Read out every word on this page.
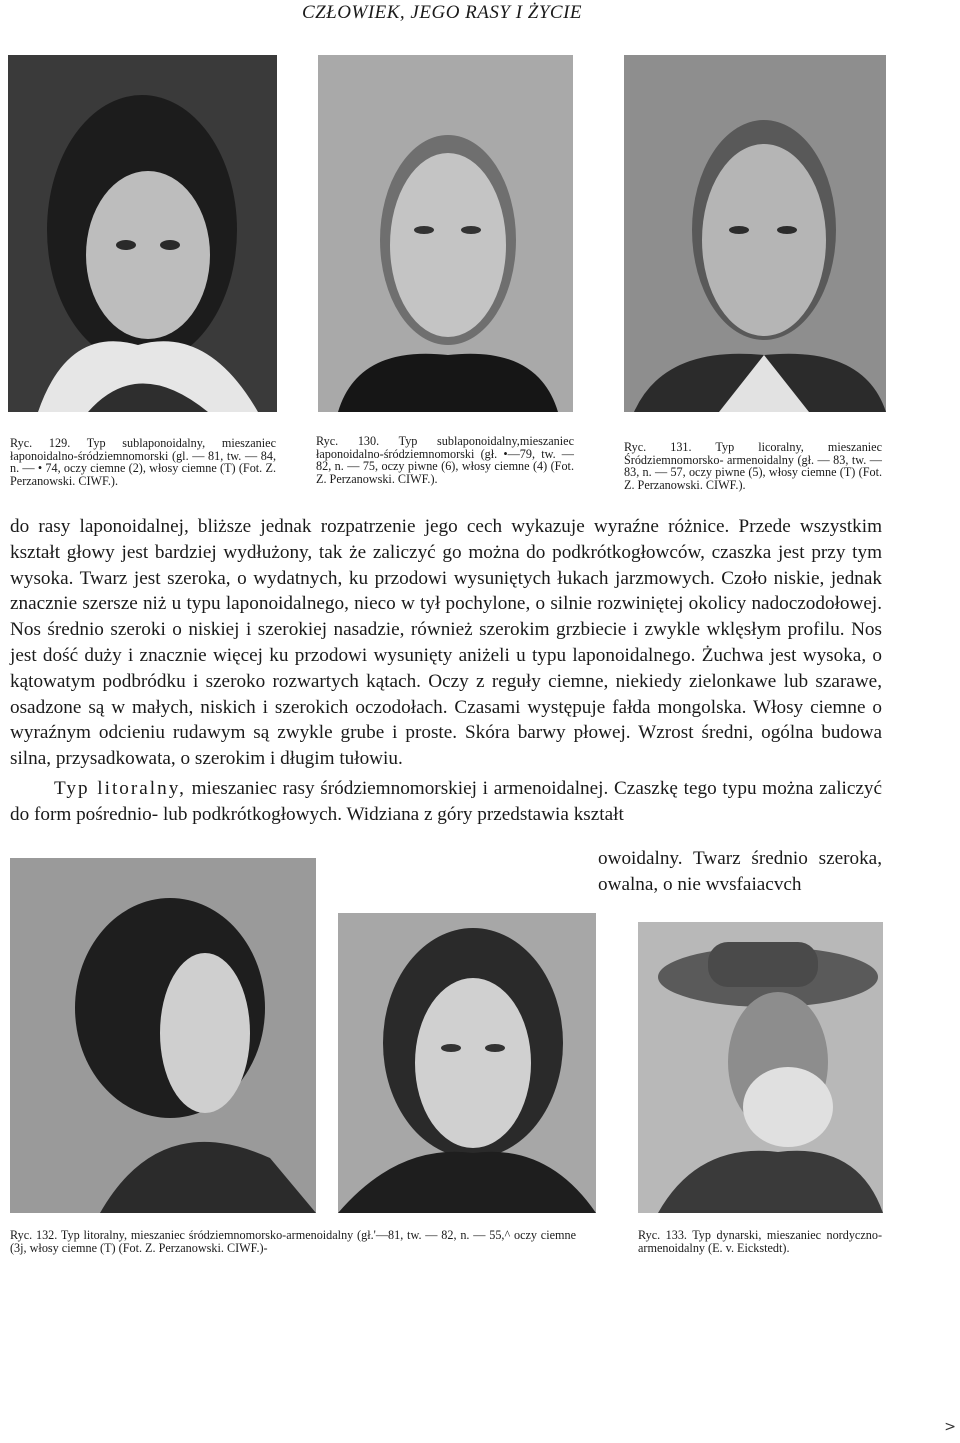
CZŁOWIEK, JEGO RASY I ŻYCIE
Ryc. 129. Typ sublaponoidalny, mieszaniec łaponoidalno-śródziemnomorski (gl. — 81, tw. — 84, n. — • 74, oczy ciemne (2), włosy ciemne (T) (Fot. Z. Perzanowski. CIWF.).
Ryc. 130. Typ sublaponoidalny,mieszaniec łaponoidalno-śródziemnomorski (gł. •—79, tw. — 82, n. — 75, oczy piwne (6), włosy ciemne (4) (Fot. Z. Perzanowski. CIWF.).
Ryc. 131. Typ licoralny, mieszaniec Śródziemnomorsko- armenoidalny (gł. — 83, tw. — 83, n. — 57, oczy piwne (5), włosy ciemne (T) (Fot. Z. Perzanowski. CIWF.).

do rasy laponoidalnej, bliższe jednak rozpatrzenie jego cech wykazuje wyraźne różnice. Przede wszystkim kształt głowy jest bardziej wydłużony, tak że zaliczyć go można do podkrótkogłowców, czaszka jest przy tym wysoka. Twarz jest szeroka, o wydatnych, ku przodowi wysuniętych łukach jarzmowych. Czoło niskie, jednak znacznie szersze niż u typu laponoidalnego, nieco w tył pochylone, o silnie rozwiniętej okolicy nadoczodołowej. Nos średnio szeroki o niskiej i szerokiej nasadzie, również szerokim grzbiecie i zwykle wklęsłym profilu. Nos jest dość duży i znacznie więcej ku przodowi wysunięty aniżeli u typu laponoidalnego. Żuchwa jest wysoka, o kątowatym podbródku i szeroko rozwartych kątach. Oczy z reguły ciemne, niekiedy zielonkawe lub szarawe, osadzone są w małych, niskich i szerokich oczodołach. Czasami występuje fałda mongolska. Włosy ciemne o wyraźnym odcieniu rudawym są zwykle grube i proste. Skóra barwy płowej. Wzrost średni, ogólna budowa silna, przysadkowata, o szerokim i długim tułowiu.

Typ litoralny, mieszaniec rasy śródziemnomorskiej i armenoidalnej. Czaszkę tego typu można zaliczyć do form pośrednio- lub podkrótkogłowych. Widziana z góry przedstawia kształt

owoidalny. Twarz średnio szeroka, owalna, o nie wvsfaiacvch
Ryc. 132. Typ litoralny, mieszaniec śródziemnomorsko-armenoidalny (gł.'—81, tw. — 82, n. — 55,^ oczy ciemne (3j, włosy ciemne (T) (Fot. Z. Perzanowski. CIWF.)-
Ryc. 133. Typ dynarski, mieszaniec nordyczno-armenoidalny (E. v. Eickstedt).
>
